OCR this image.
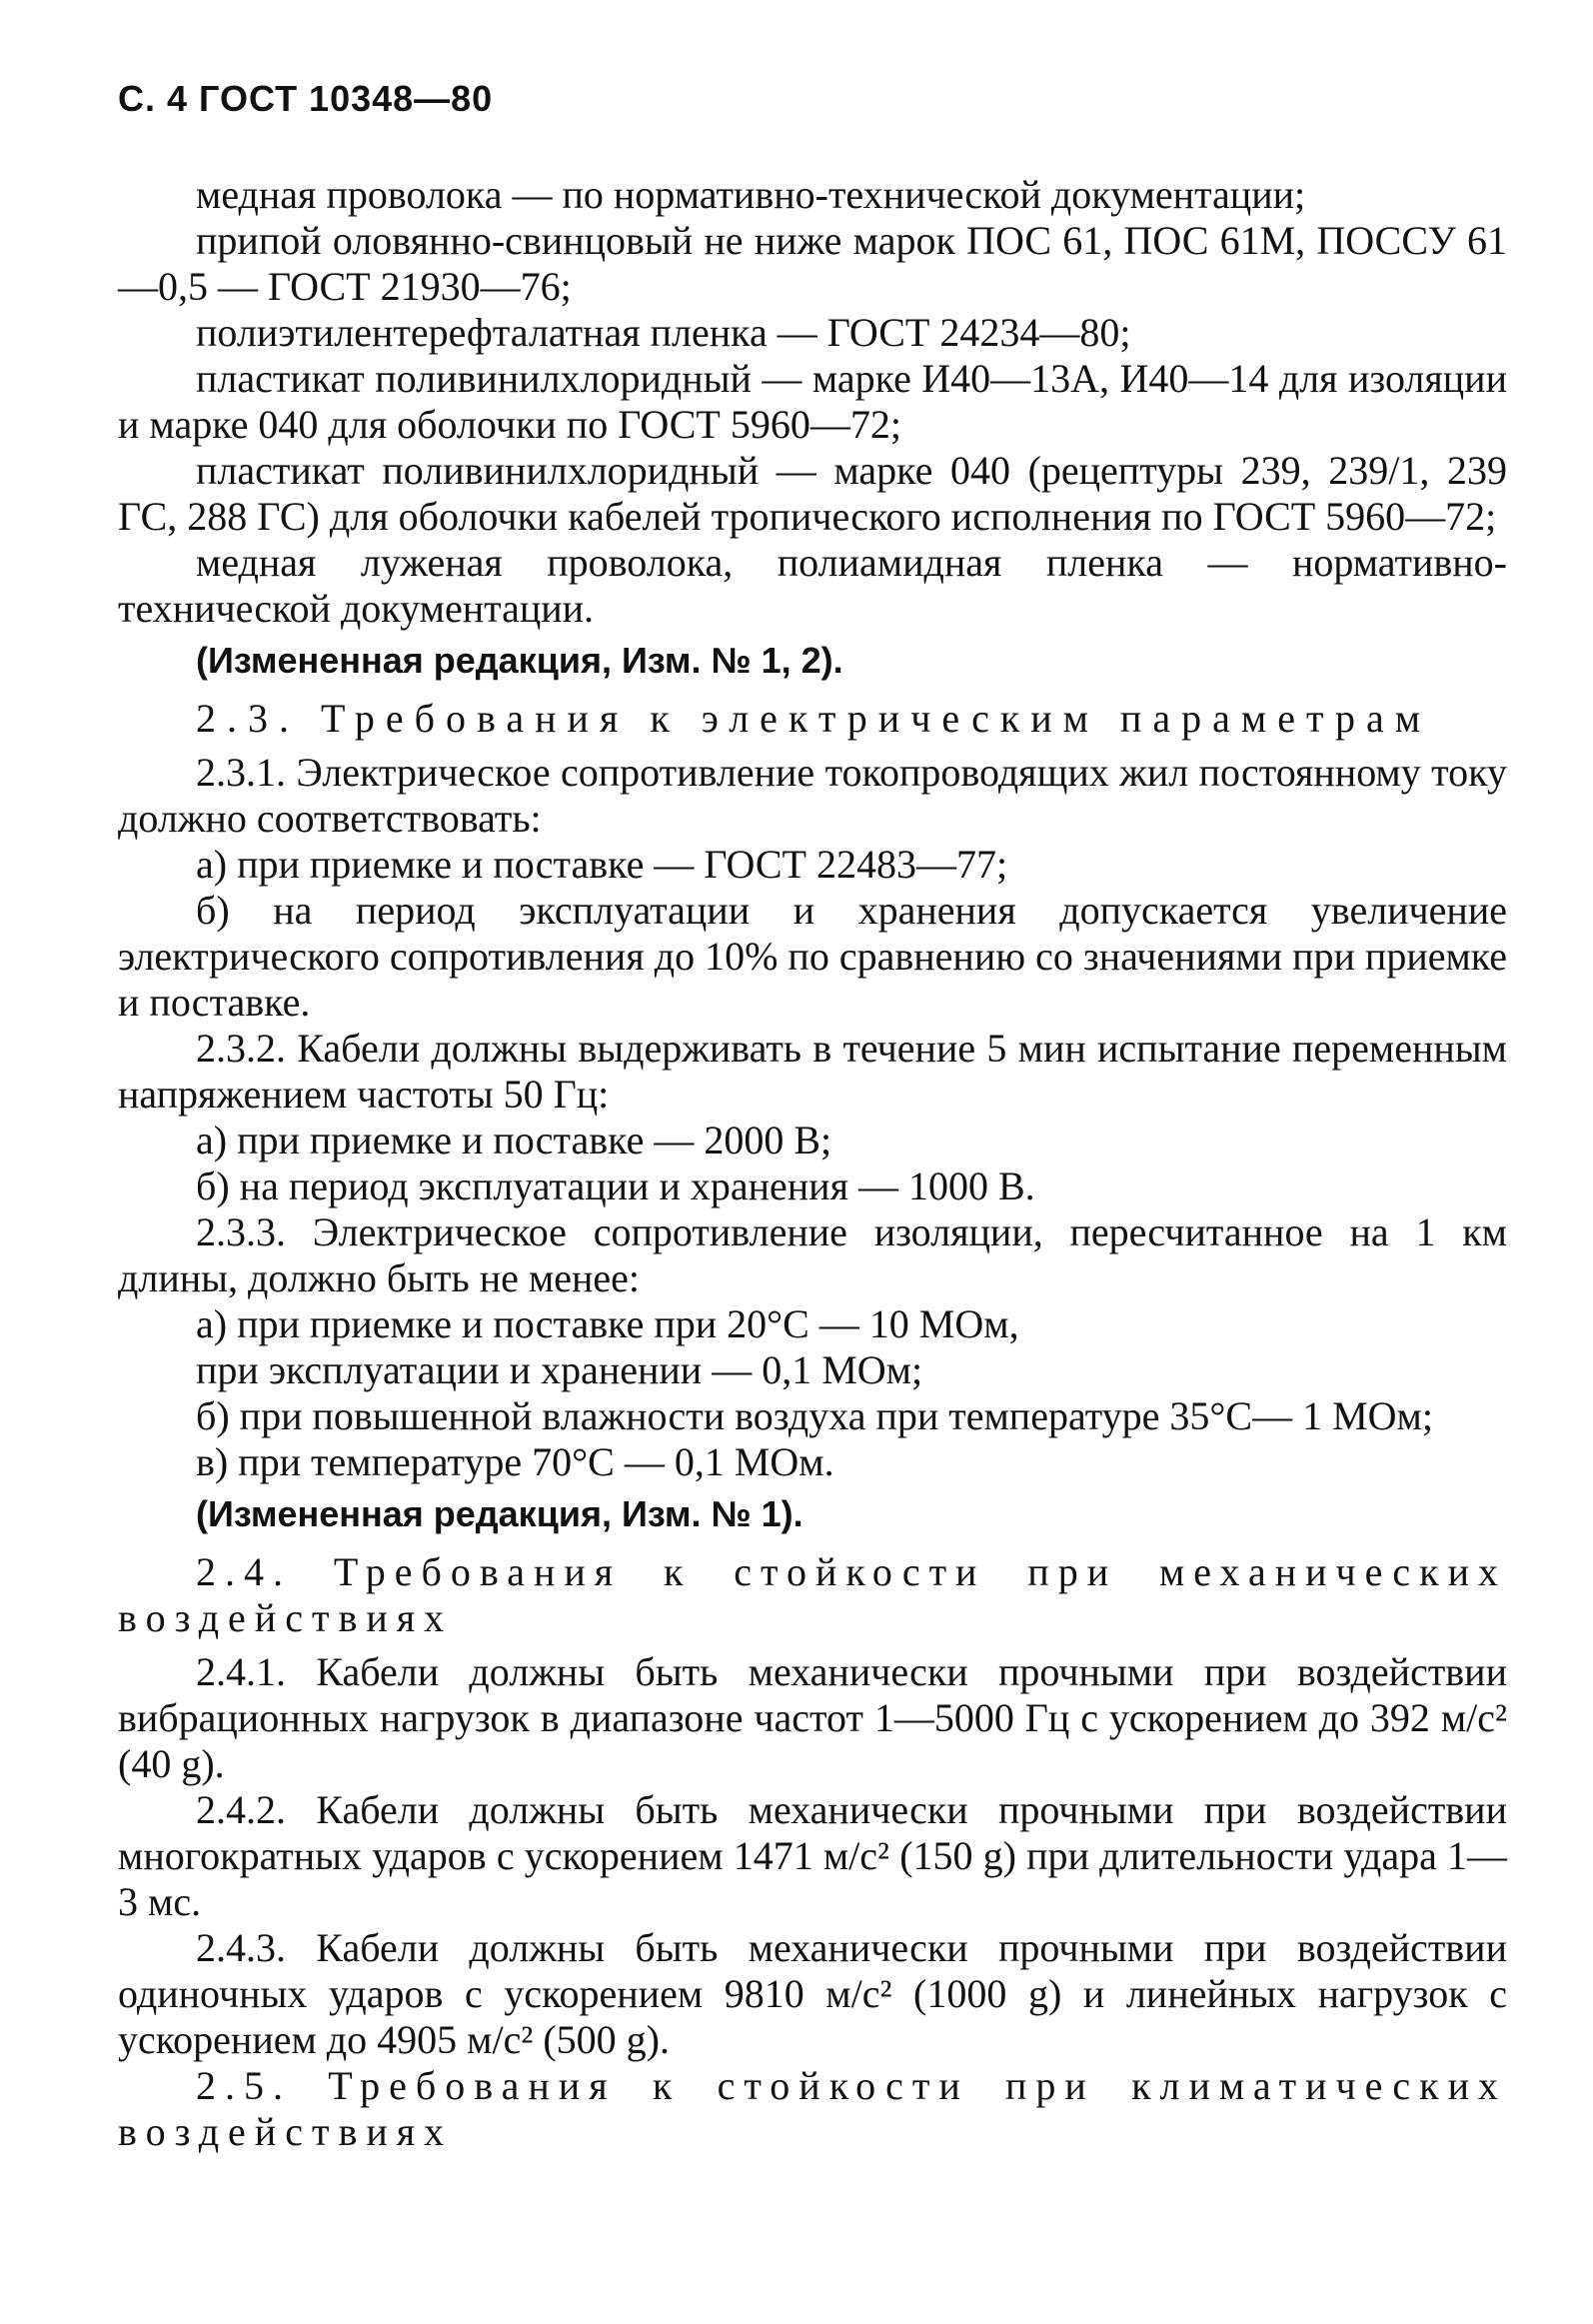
С. 4 ГОСТ 10348—80

медная проволока — по нормативно-технической документации;

припой оловянно-свинцовый не ниже марок ПОС 61, ПОС 61М, ПОССУ 61—0,5 — ГОСТ 21930—76;

полиэтилентерефталатная пленка — ГОСТ 24234—80;

пластикат поливинилхлоридный — марке И40—13А, И40—14 для изоляции и марке 040 для оболочки по ГОСТ 5960—72;

пластикат поливинилхлоридный — марке 040 (рецептуры 239, 239/1, 239 ГС, 288 ГС) для оболочки кабелей тропического исполнения по ГОСТ 5960—72;

медная луженая проволока, полиамидная пленка — нормативно-технической документации.

(Измененная редакция, Изм. № 1, 2).

2.3. Требования к электрическим параметрам

2.3.1. Электрическое сопротивление токопроводящих жил постоянному току должно соответствовать:

а) при приемке и поставке — ГОСТ 22483—77;

б) на период эксплуатации и хранения допускается увеличение электрического сопротивления до 10% по сравнению со значениями при приемке и поставке.

2.3.2. Кабели должны выдерживать в течение 5 мин испытание переменным напряжением частоты 50 Гц:

а) при приемке и поставке — 2000 В;

б) на период эксплуатации и хранения — 1000 В.

2.3.3. Электрическое сопротивление изоляции, пересчитанное на 1 км длины, должно быть не менее:

а) при приемке и поставке при 20°С — 10 МОм,

при эксплуатации и хранении — 0,1 МОм;

б) при повышенной влажности воздуха при температуре 35°С— 1 МОм;

в) при температуре 70°С — 0,1 МОм.

(Измененная редакция, Изм. № 1).

2.4. Требования к стойкости при механических воздействиях

2.4.1. Кабели должны быть механически прочными при воздействии вибрационных нагрузок в диапазоне частот 1—5000 Гц с ускорением до 392 м/с² (40 g).

2.4.2. Кабели должны быть механически прочными при воздействии многократных ударов с ускорением 1471 м/с² (150 g) при длительности удара 1—3 мс.

2.4.3. Кабели должны быть механически прочными при воздействии одиночных ударов с ускорением 9810 м/с² (1000 g) и линейных нагрузок с ускорением до 4905 м/с² (500 g).

2.5. Требования к стойкости при климатических воздействиях
